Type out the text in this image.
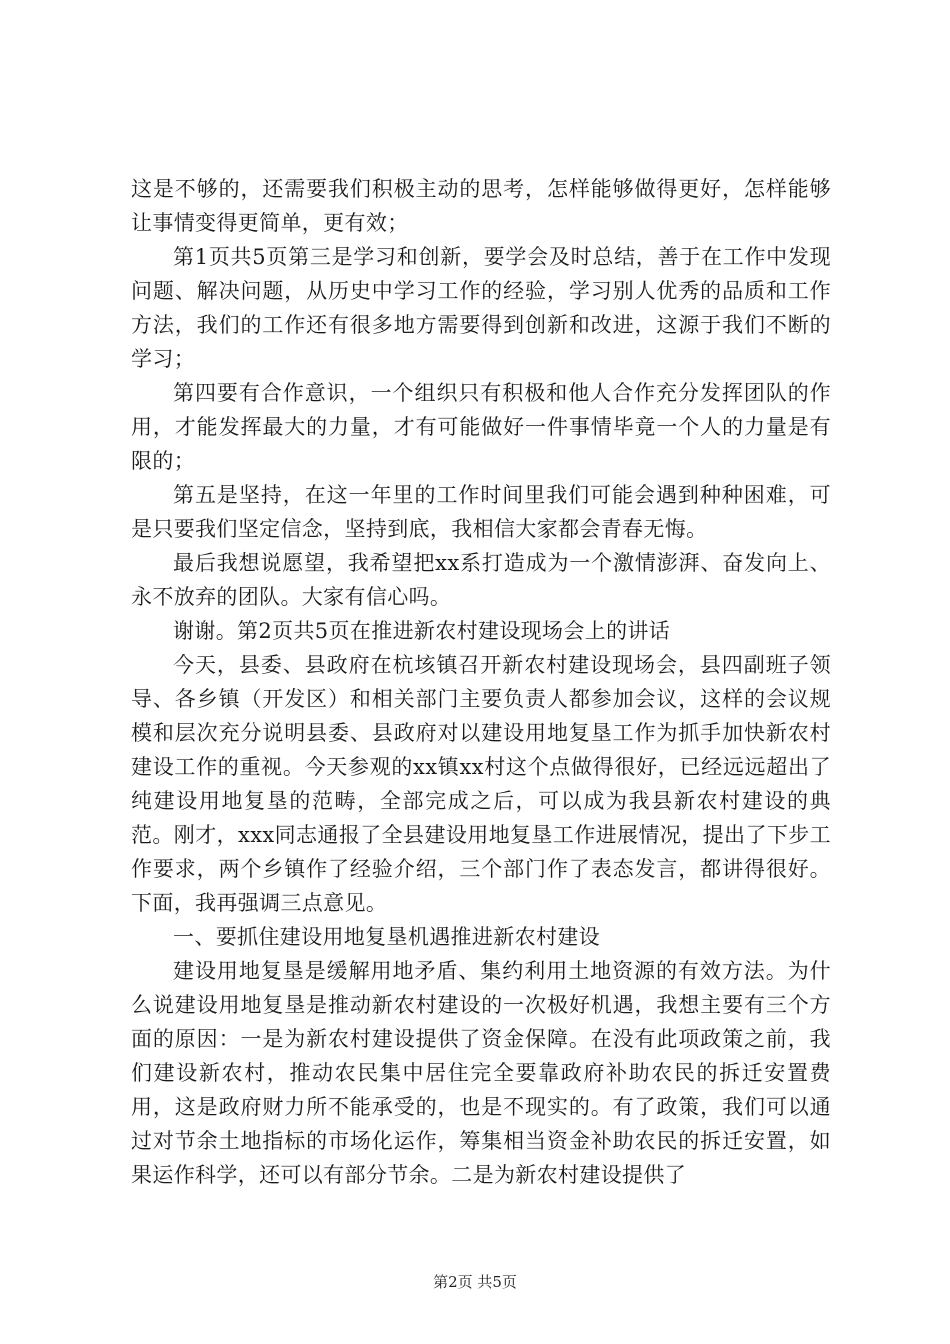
这是不够的，还需要我们积极主动的思考，怎样能够做得更好，怎样能够让事情变得更简单，更有效；

第1页共5页第三是学习和创新，要学会及时总结，善于在工作中发现问题、解决问题，从历史中学习工作的经验，学习别人优秀的品质和工作方法，我们的工作还有很多地方需要得到创新和改进，这源于我们不断的学习；

第四要有合作意识，一个组织只有积极和他人合作充分发挥团队的作用，才能发挥最大的力量，才有可能做好一件事情毕竟一个人的力量是有限的；

第五是坚持，在这一年里的工作时间里我们可能会遇到种种困难，可是只要我们坚定信念，坚持到底，我相信大家都会青春无悔。

最后我想说愿望，我希望把xx系打造成为一个激情澎湃、奋发向上、永不放弃的团队。大家有信心吗。

谢谢。第2页共5页在推进新农村建设现场会上的讲话

今天，县委、县政府在杭垓镇召开新农村建设现场会，县四副班子领导、各乡镇（开发区）和相关部门主要负责人都参加会议，这样的会议规模和层次充分说明县委、县政府对以建设用地复垦工作为抓手加快新农村建设工作的重视。今天参观的xx镇xx村这个点做得很好，已经远远超出了纯建设用地复垦的范畴，全部完成之后，可以成为我县新农村建设的典范。刚才，xxx同志通报了全县建设用地复垦工作进展情况，提出了下步工作要求，两个乡镇作了经验介绍，三个部门作了表态发言，都讲得很好。下面，我再强调三点意见。

一、要抓住建设用地复垦机遇推进新农村建设

建设用地复垦是缓解用地矛盾、集约利用土地资源的有效方法。为什么说建设用地复垦是推动新农村建设的一次极好机遇，我想主要有三个方面的原因：一是为新农村建设提供了资金保障。在没有此项政策之前，我们建设新农村，推动农民集中居住完全要靠政府补助农民的拆迁安置费用，这是政府财力所不能承受的，也是不现实的。有了政策，我们可以通过对节余土地指标的市场化运作，筹集相当资金补助农民的拆迁安置，如果运作科学，还可以有部分节余。二是为新农村建设提供了

第2页 共5页
